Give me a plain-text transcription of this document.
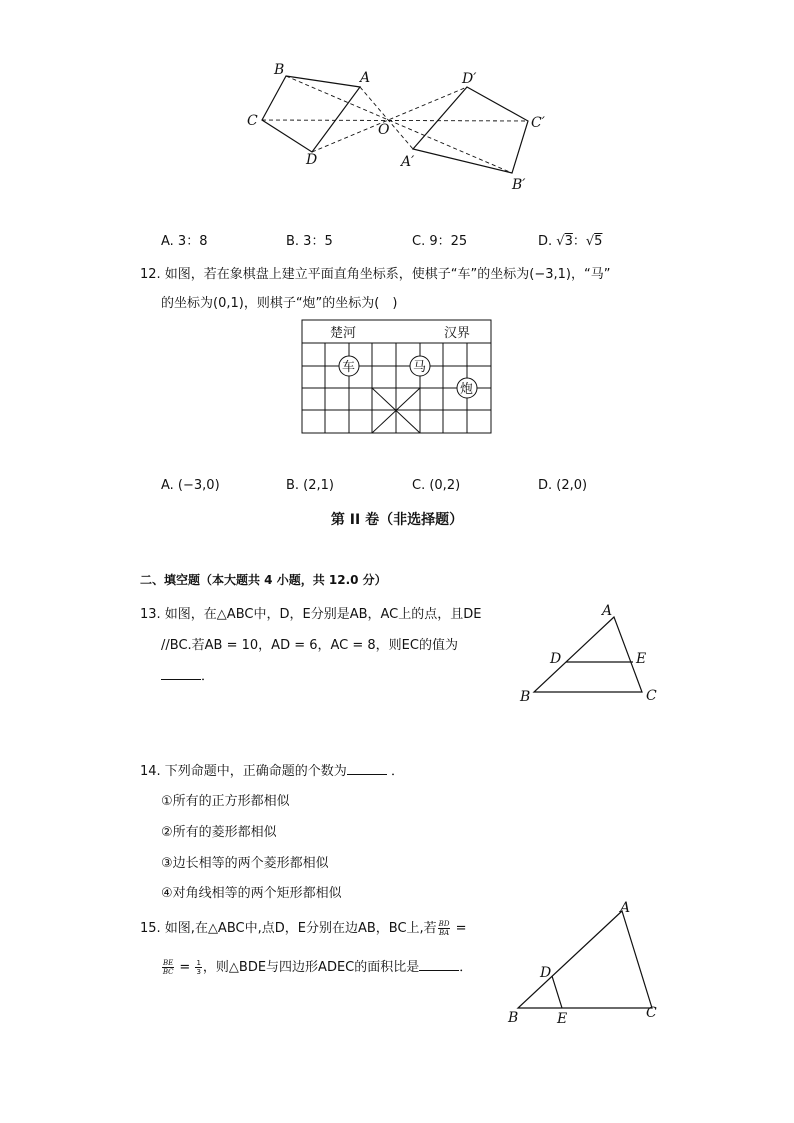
B	A
C
D
O
D′
C′
A′
B′
A. 3：8	B. 3：5	C. 9：25	D. √3：√5
12. 如图，若在象棋盘上建立平面直角坐标系，使棋子“车”的坐标为(−3,1)，“马”
的坐标为(0,1)，则棋子“炮”的坐标为(　)
楚河	汉界
车	马
炮
A. (−3,0)	B. (2,1)	C. (0,2)	D. (2,0)
第 II 卷（非选择题）
二、填空题（本大题共 4 小题，共 12.0 分）
13. 如图，在△ABC中，D，E分别是AB，AC上的点，且DE
//BC.若AB = 10，AD = 6，AC = 8，则EC的值为
．
A
D	E
B	C
14. 下列命题中，正确命题的个数为	．
①所有的正方形都相似
②所有的菱形都相似
③边长相等的两个菱形都相似
④对角线相等的两个矩形都相似
15. 如图,在△ABC中,点D，E分别在边AB，BC上,若 $\frac{BD}{BA}$ =
$\frac{BE}{BC} = \frac{1}{3}$ ，则△BDE与四边形ADEC的面积比是	．
A
D
B	E	C
